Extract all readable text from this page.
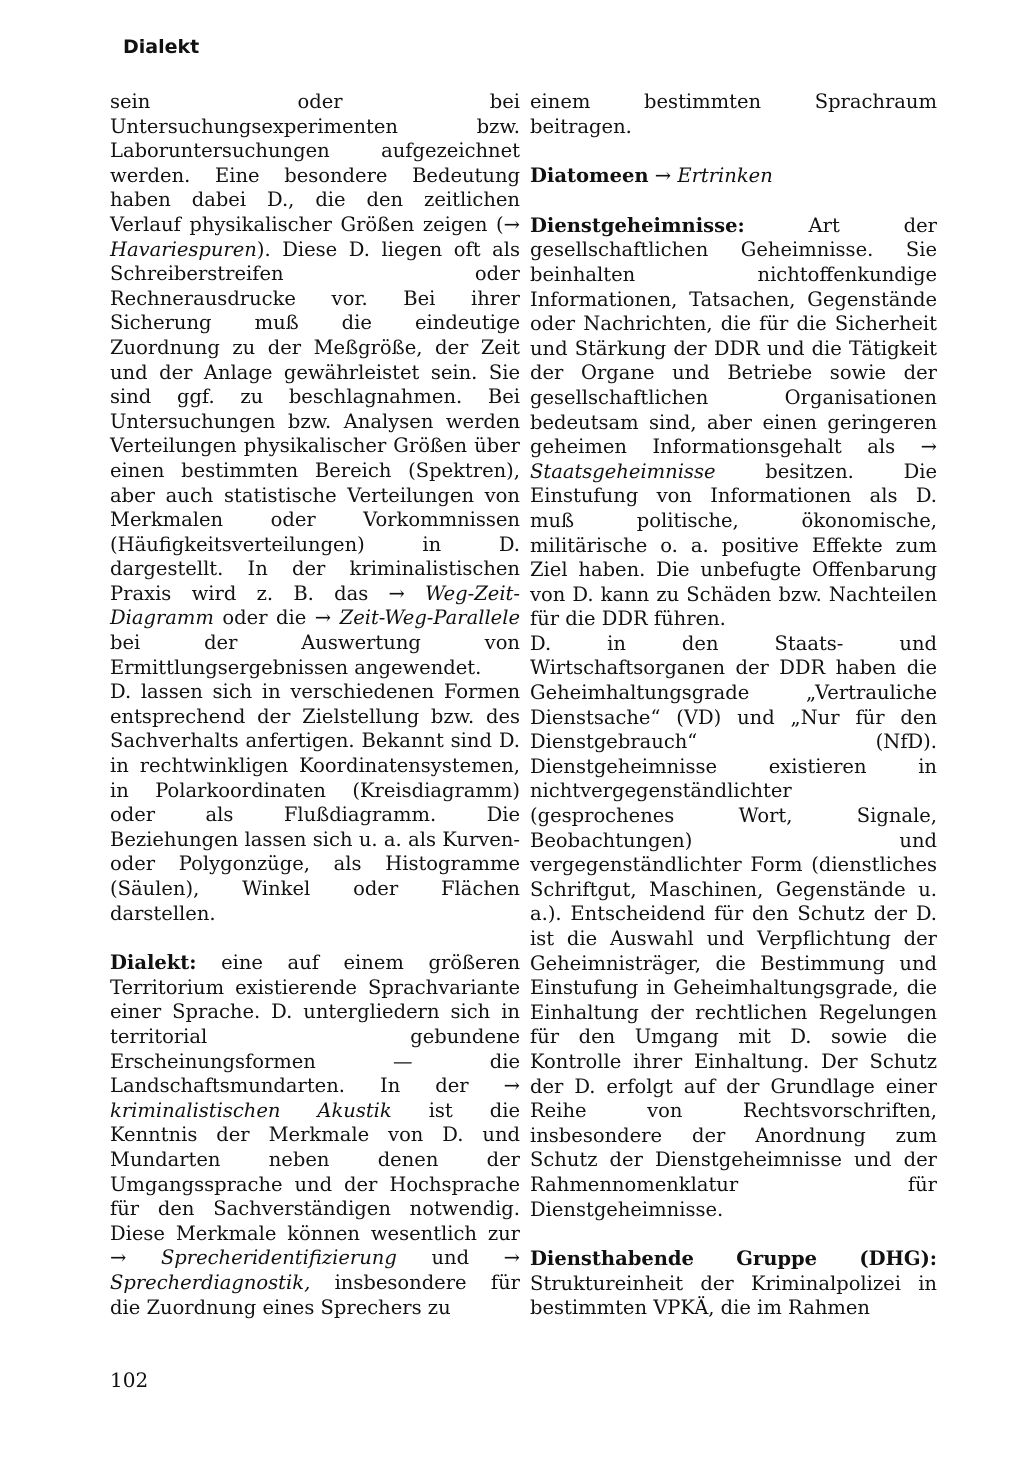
Dialekt

sein oder bei Untersuchungsexperimenten bzw. Laboruntersuchungen aufgezeichnet werden. Eine besondere Bedeutung haben dabei D., die den zeitlichen Verlauf physikalischer Größen zeigen (→ Havariespuren). Diese D. liegen oft als Schreiberstreifen oder Rechnerausdrucke vor. Bei ihrer Sicherung muß die eindeutige Zuordnung zu der Meßgröße, der Zeit und der Anlage gewährleistet sein. Sie sind ggf. zu beschlagnahmen. Bei Untersuchungen bzw. Analysen werden Verteilungen physikalischer Größen über einen bestimmten Bereich (Spektren), aber auch statistische Verteilungen von Merkmalen oder Vorkommnissen (Häufigkeitsverteilungen) in D. dargestellt. In der kriminalistischen Praxis wird z. B. das → Weg-Zeit-Diagramm oder die → Zeit-Weg-Parallele bei der Auswertung von Ermittlungsergebnissen angewendet.

D. lassen sich in verschiedenen Formen entsprechend der Zielstellung bzw. des Sachverhalts anfertigen. Bekannt sind D. in rechtwinkligen Koordinatensystemen, in Polarkoordinaten (Kreisdiagramm) oder als Flußdiagramm. Die Beziehungen lassen sich u. a. als Kurven- oder Polygonzüge, als Histogramme (Säulen), Winkel oder Flächen darstellen.

Dialekt: eine auf einem größeren Territorium existierende Sprachvariante einer Sprache. D. untergliedern sich in territorial gebundene Erscheinungsformen — die Landschaftsmundarten. In der → kriminalistischen Akustik ist die Kenntnis der Merkmale von D. und Mundarten neben denen der Umgangssprache und der Hochsprache für den Sachverständigen notwendig. Diese Merkmale können wesentlich zur → Sprecheridentifizierung und → Sprecherdiagnostik, insbesondere für die Zuordnung eines Sprechers zu

einem bestimmten Sprachraum beitragen.

Diatomeen → Ertrinken

Dienstgeheimnisse: Art der gesellschaftlichen Geheimnisse. Sie beinhalten nichtoffenkundige Informationen, Tatsachen, Gegenstände oder Nachrichten, die für die Sicherheit und Stärkung der DDR und die Tätigkeit der Organe und Betriebe sowie der gesellschaftlichen Organisationen bedeutsam sind, aber einen geringeren geheimen Informationsgehalt als → Staatsgeheimnisse besitzen. Die Einstufung von Informationen als D. muß politische, ökonomische, militärische o. a. positive Effekte zum Ziel haben. Die unbefugte Offenbarung von D. kann zu Schäden bzw. Nachteilen für die DDR führen.

D. in den Staats- und Wirtschaftsorganen der DDR haben die Geheimhaltungsgrade „Vertrauliche Dienstsache“ (VD) und „Nur für den Dienstgebrauch“ (NfD). Dienstgeheimnisse existieren in nichtvergegenständlichter (gesprochenes Wort, Signale, Beobachtungen) und vergegenständlichter Form (dienstliches Schriftgut, Maschinen, Gegenstände u. a.). Entscheidend für den Schutz der D. ist die Auswahl und Verpflichtung der Geheimnisträger, die Bestimmung und Einstufung in Geheimhaltungsgrade, die Einhaltung der rechtlichen Regelungen für den Umgang mit D. sowie die Kontrolle ihrer Einhaltung. Der Schutz der D. erfolgt auf der Grundlage einer Reihe von Rechtsvorschriften, insbesondere der Anordnung zum Schutz der Dienstgeheimnisse und der Rahmennomenklatur für Dienstgeheimnisse.

Diensthabende Gruppe (DHG): Struktureinheit der Kriminalpolizei in bestimmten VPKÄ, die im Rahmen

102
